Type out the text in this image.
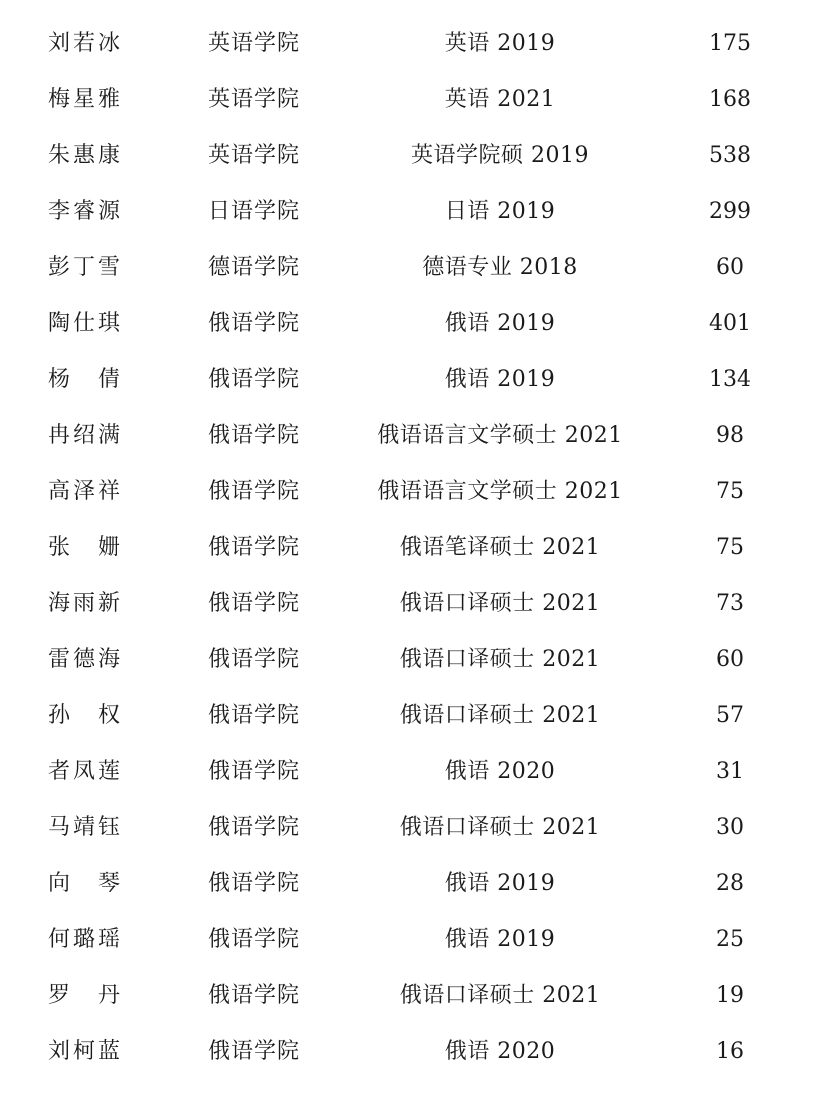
刘若冰	英语学院	英语 2019	175
梅星雅	英语学院	英语 2021	168
朱惠康	英语学院	英语学院硕 2019	538
李睿源	日语学院	日语 2019	299
彭丁雪	德语学院	德语专业 2018	60
陶仕琪	俄语学院	俄语 2019	401
杨　倩	俄语学院	俄语 2019	134
冉绍满	俄语学院	俄语语言文学硕士 2021	98
高泽祥	俄语学院	俄语语言文学硕士 2021	75
张　姗	俄语学院	俄语笔译硕士 2021	75
海雨新	俄语学院	俄语口译硕士 2021	73
雷德海	俄语学院	俄语口译硕士 2021	60
孙　权	俄语学院	俄语口译硕士 2021	57
者凤莲	俄语学院	俄语 2020	31
马靖钰	俄语学院	俄语口译硕士 2021	30
向　琴	俄语学院	俄语 2019	28
何璐瑶	俄语学院	俄语 2019	25
罗　丹	俄语学院	俄语口译硕士 2021	19
刘柯蓝	俄语学院	俄语 2020	16
